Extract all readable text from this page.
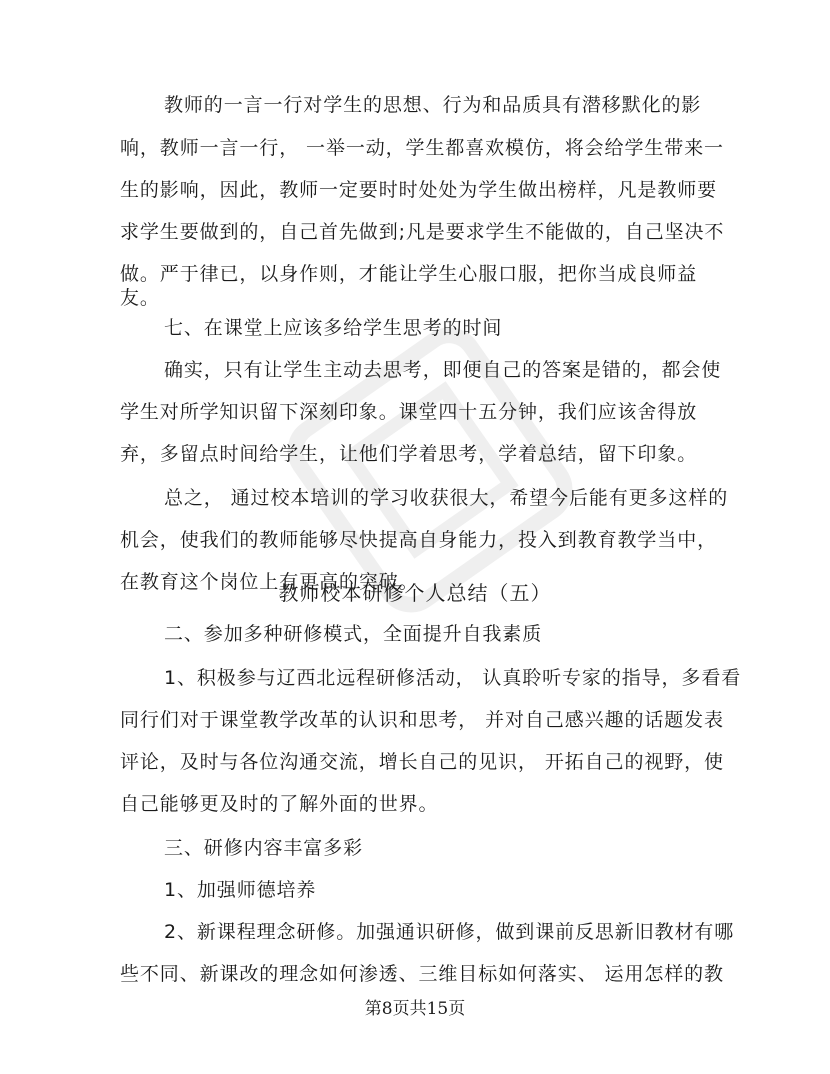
教师的一言一行对学生的思想、行为和品质具有潜移默化的影
响，教师一言一行， 一举一动，学生都喜欢模仿，将会给学生带来一
生的影响，因此，教师一定要时时处处为学生做出榜样，凡是教师要
求学生要做到的，自己首先做到;凡是要求学生不能做的，自己坚决不
做。严于律已，以身作则，才能让学生心服口服，把你当成良师益
友。
七、在课堂上应该多给学生思考的时间
确实，只有让学生主动去思考，即便自己的答案是错的，都会使
学生对所学知识留下深刻印象。课堂四十五分钟，我们应该舍得放
弃，多留点时间给学生，让他们学着思考，学着总结，留下印象。
总之， 通过校本培训的学习收获很大，希望今后能有更多这样的
机会，使我们的教师能够尽快提高自身能力，投入到教育教学当中，
在教育这个岗位上有更高的突破。
教师校本研修个人总结（五）
二、参加多种研修模式，全面提升自我素质
1、积极参与辽西北远程研修活动， 认真聆听专家的指导，多看看
同行们对于课堂教学改革的认识和思考， 并对自己感兴趣的话题发表
评论，及时与各位沟通交流，增长自己的见识， 开拓自己的视野，使
自己能够更及时的了解外面的世界。
三、研修内容丰富多彩
1、加强师德培养
2、新课程理念研修。加强通识研修，做到课前反思新旧教材有哪
些不同、新课改的理念如何渗透、三维目标如何落实、 运用怎样的教
第8页共15页
